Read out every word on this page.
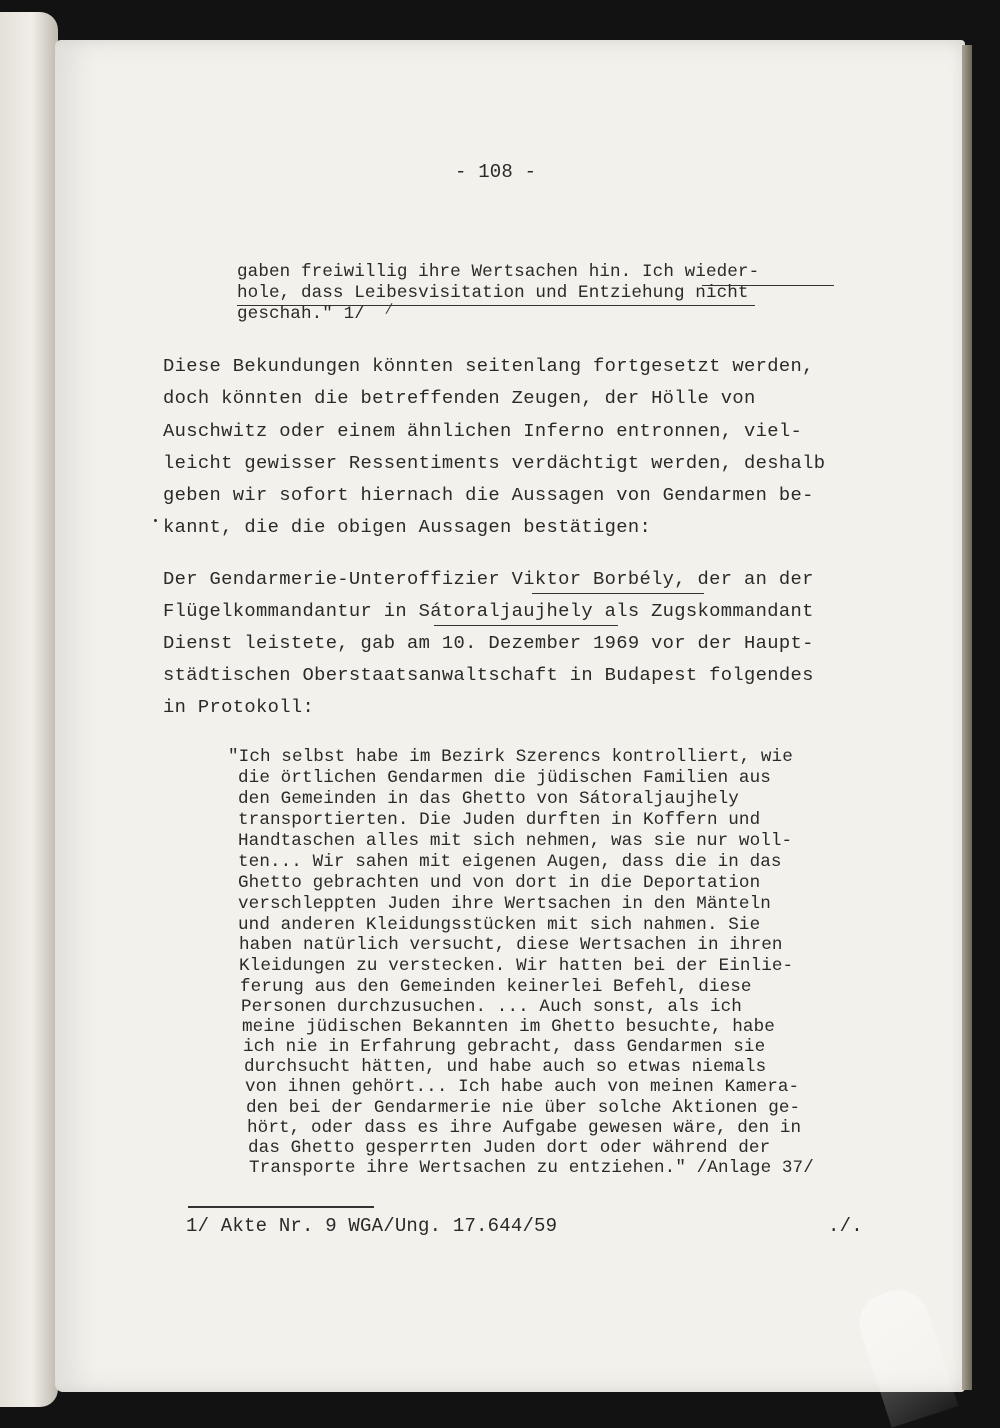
- 108 -

gaben freiwillig ihre Wertsachen hin. Ich wieder-

hole, dass Leibesvisitation und Entziehung nicht

geschah." 1/

Diese Bekundungen könnten seitenlang fortgesetzt werden,

doch könnten die betreffenden Zeugen, der Hölle von

Auschwitz oder einem ähnlichen Inferno entronnen, viel-

leicht gewisser Ressentiments verdächtigt werden, deshalb

geben wir sofort hiernach die Aussagen von Gendarmen be-

kannt, die die obigen Aussagen bestätigen:

Der Gendarmerie-Unteroffizier Viktor Borbély, der an der

Flügelkommandantur in Sátoraljaujhely als Zugskommandant

Dienst leistete, gab am 10. Dezember 1969 vor der Haupt-

städtischen Oberstaatsanwaltschaft in Budapest folgendes

in Protokoll:

"Ich selbst habe im Bezirk Szerencs kontrolliert, wie

die örtlichen Gendarmen die jüdischen Familien aus

den Gemeinden in das Ghetto von Sátoraljaujhely

transportierten. Die Juden durften in Koffern und

Handtaschen alles mit sich nehmen, was sie nur woll-

ten... Wir sahen mit eigenen Augen, dass die in das

Ghetto gebrachten und von dort in die Deportation

verschleppten Juden ihre Wertsachen in den Mänteln

und anderen Kleidungsstücken mit sich nahmen. Sie

haben natürlich versucht, diese Wertsachen in ihren

Kleidungen zu verstecken. Wir hatten bei der Einlie-

ferung aus den Gemeinden keinerlei Befehl, diese

Personen durchzusuchen. ... Auch sonst, als ich

meine jüdischen Bekannten im Ghetto besuchte, habe

ich nie in Erfahrung gebracht, dass Gendarmen sie

durchsucht hätten, und habe auch so etwas niemals

von ihnen gehört... Ich habe auch von meinen Kamera-

den bei der Gendarmerie nie über solche Aktionen ge-

hört, oder dass es ihre Aufgabe gewesen wäre, den in

das Ghetto gesperrten Juden dort oder während der

Transporte ihre Wertsachen zu entziehen." /Anlage 37/

1/ Akte Nr. 9 WGA/Ung. 17.644/59	./.
